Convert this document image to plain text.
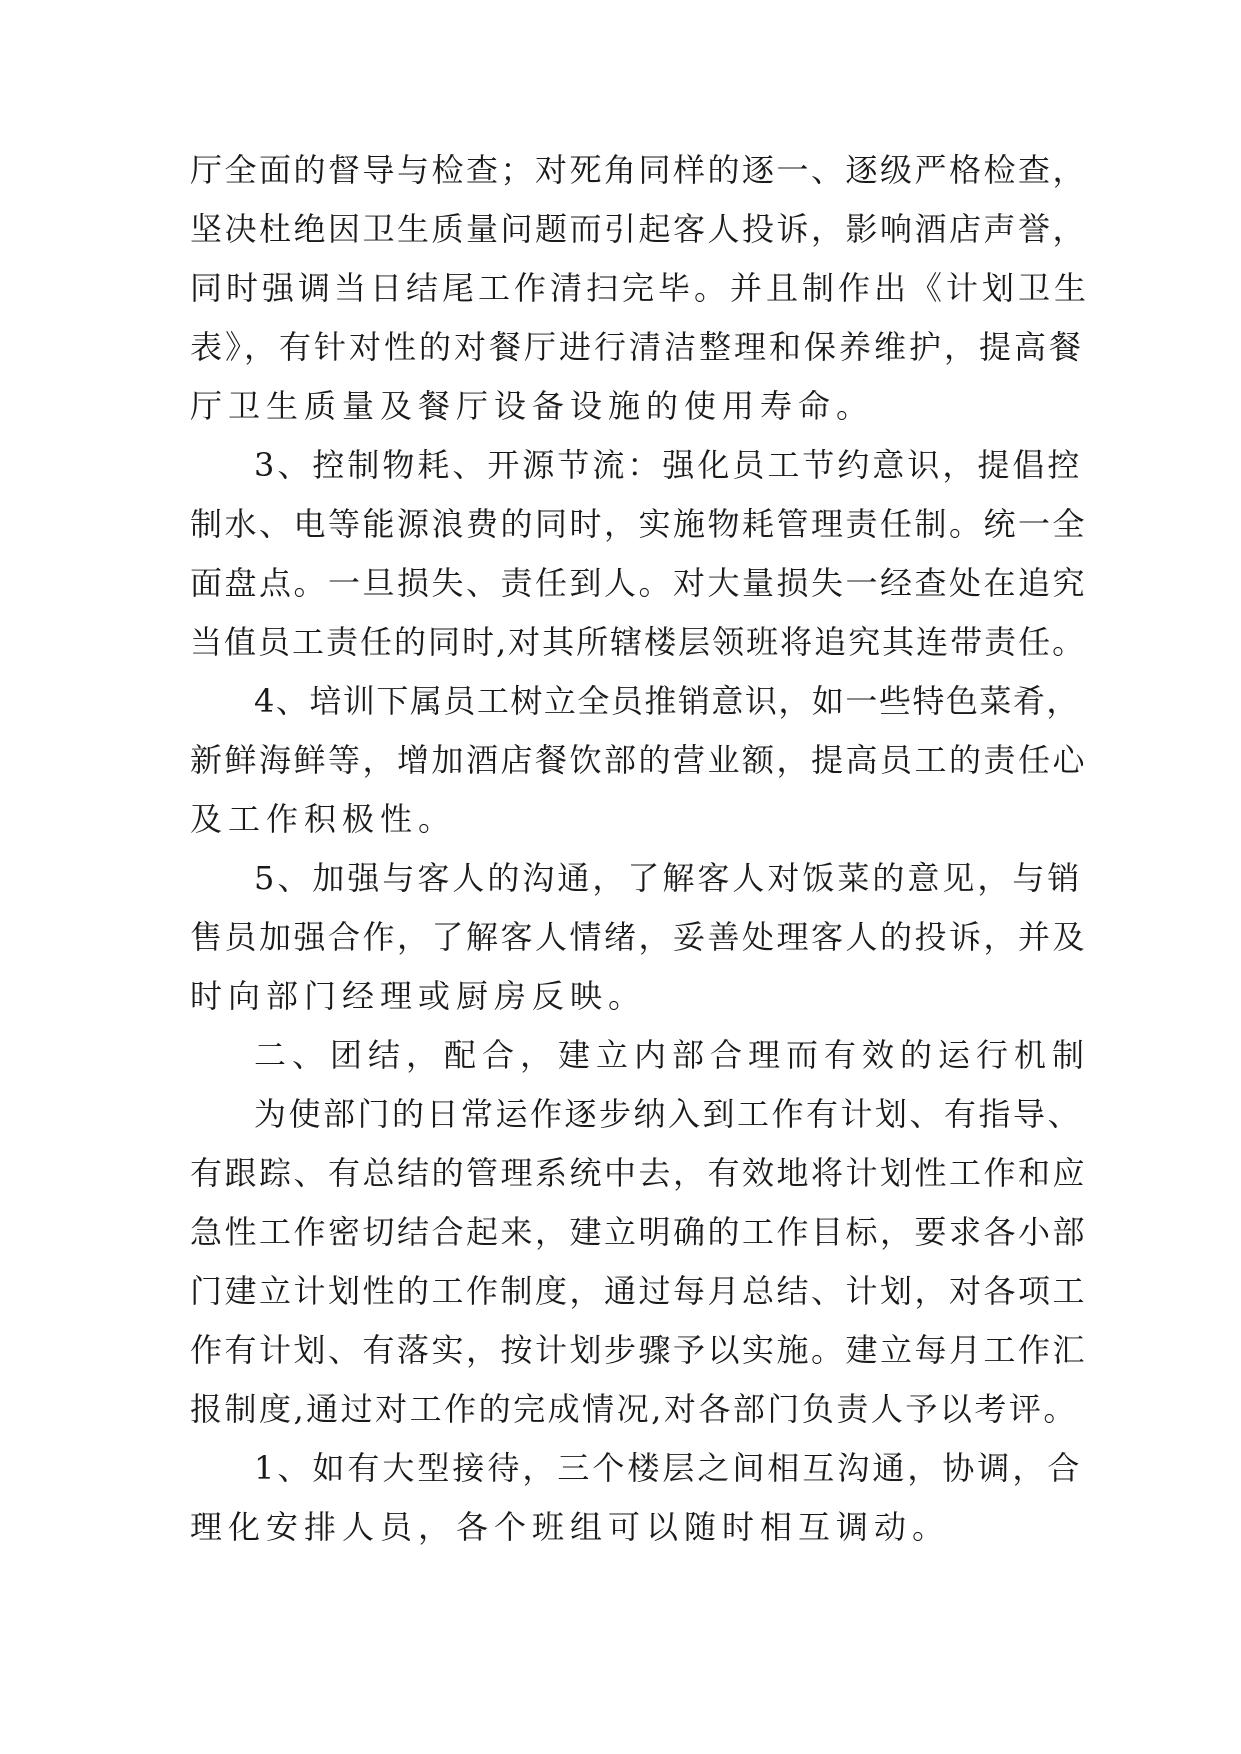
厅全面的督导与检查；对死角同样的逐一、逐级严格检查，

坚决杜绝因卫生质量问题而引起客人投诉，影响酒店声誉，

同时强调当日结尾工作清扫完毕。并且制作出《计划卫生

表》，有针对性的对餐厅进行清洁整理和保养维护，提高餐

厅卫生质量及餐厅设备设施的使用寿命。

3、控制物耗、开源节流：强化员工节约意识，提倡控

制水、电等能源浪费的同时，实施物耗管理责任制。统一全

面盘点。一旦损失、责任到人。对大量损失一经查处在追究

当值员工责任的同时,对其所辖楼层领班将追究其连带责任。

4、培训下属员工树立全员推销意识，如一些特色菜肴，

新鲜海鲜等，增加酒店餐饮部的营业额，提高员工的责任心

及工作积极性。

5、加强与客人的沟通，了解客人对饭菜的意见，与销

售员加强合作，了解客人情绪，妥善处理客人的投诉，并及

时向部门经理或厨房反映。

二、团结，配合，建立内部合理而有效的运行机制

为使部门的日常运作逐步纳入到工作有计划、有指导、

有跟踪、有总结的管理系统中去，有效地将计划性工作和应

急性工作密切结合起来，建立明确的工作目标，要求各小部

门建立计划性的工作制度，通过每月总结、计划，对各项工

作有计划、有落实，按计划步骤予以实施。建立每月工作汇

报制度,通过对工作的完成情况,对各部门负责人予以考评。

1、如有大型接待，三个楼层之间相互沟通，协调，合

理化安排人员，各个班组可以随时相互调动。
